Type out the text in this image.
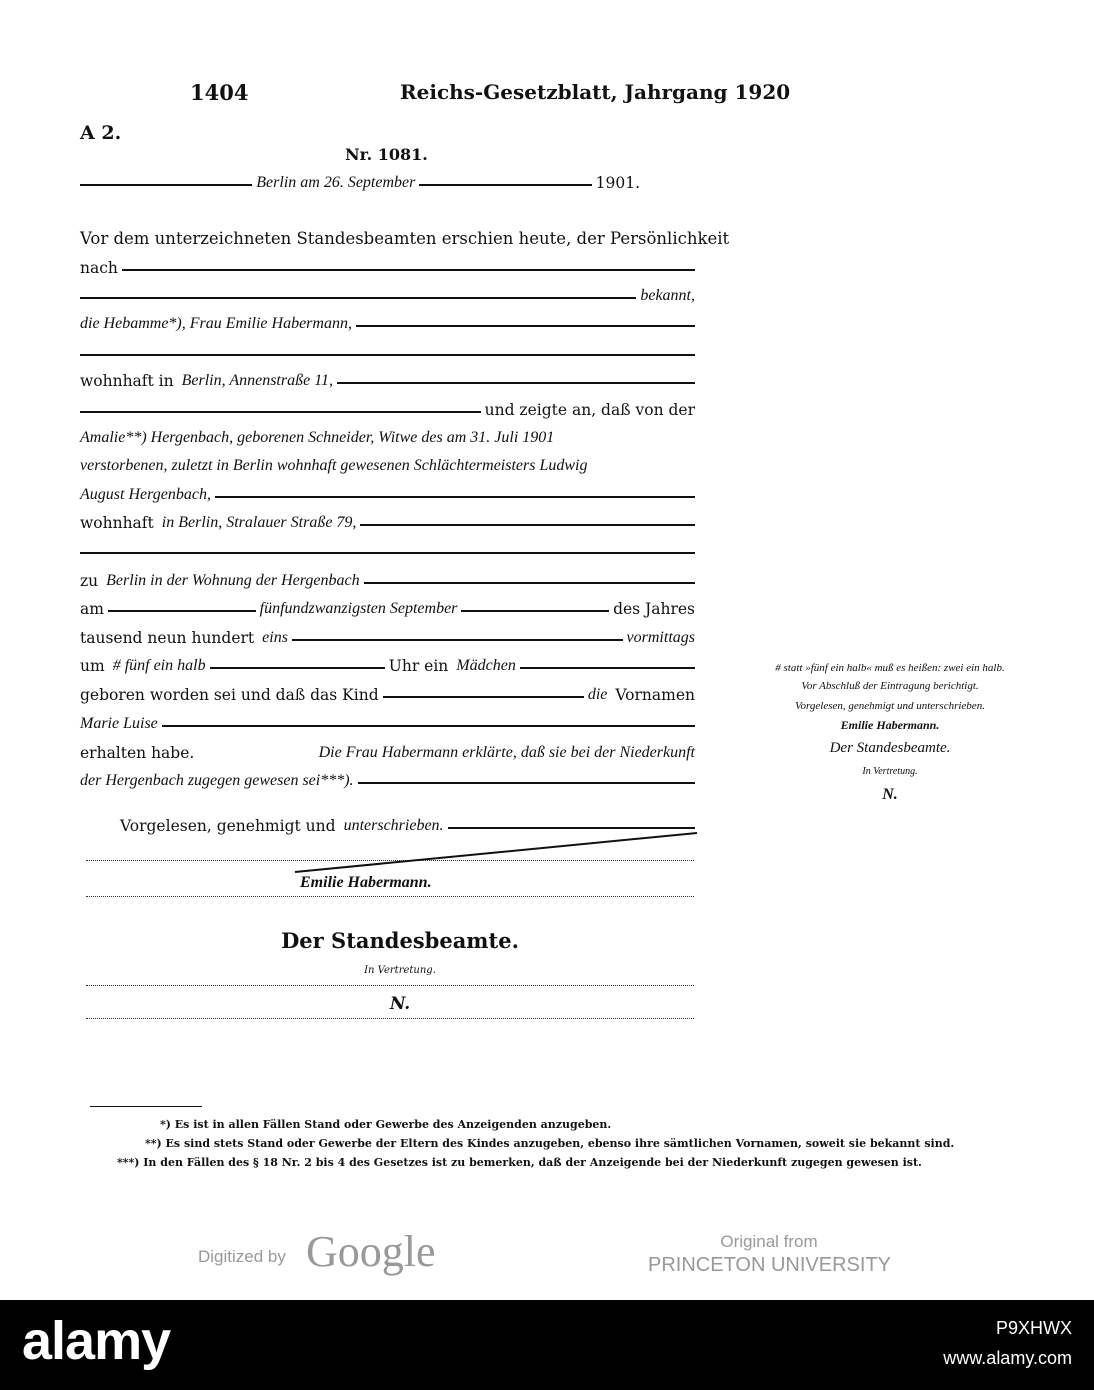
1404	Reichs-Gesetzblatt, Jahrgang 1920
A 2.
Nr. 1081.
Berlin am 26. September	1901.
Vor dem unterzeichneten Standesbeamten erschien heute, der Persönlichkeit
nach
bekannt,
die Hebamme*), Frau Emilie Habermann,
wohnhaft in Berlin, Annenstraße 11,
und zeigte an, daß von der
Amalie**) Hergenbach, geborenen Schneider, Witwe des am 31. Juli 1901
verstorbenen, zuletzt in Berlin wohnhaft gewesenen Schlächtermeisters Ludwig
August Hergenbach,
wohnhaft in Berlin, Stralauer Straße 79,
zu Berlin in der Wohnung der Hergenbach
am	fünfundzwanzigsten September	des Jahres
tausend neun hundert eins	vormittags
um # fünf ein halb	Uhr ein Mädchen
geboren worden sei und daß das Kind	die Vornamen
Marie Luise
erhalten habe.	Die Frau Habermann erklärte, daß sie bei der Niederkunft
der Hergenbach zugegen gewesen sei***).
Vorgelesen, genehmigt und unterschrieben.
Emilie Habermann.
Der Standesbeamte.
In Vertretung.
N.
# statt »fünf ein halb« muß es heißen: zwei ein halb.
Vor Abschluß der Eintragung berichtigt.
Vorgelesen, genehmigt und unterschrieben.
Emilie Habermann.
Der Standesbeamte.
In Vertretung.
N.
*) Es ist in allen Fällen Stand oder Gewerbe des Anzeigenden anzugeben.
**) Es sind stets Stand oder Gewerbe der Eltern des Kindes anzugeben, ebenso ihre sämtlichen Vornamen, soweit sie bekannt sind.
***) In den Fällen des § 18 Nr. 2 bis 4 des Gesetzes ist zu bemerken, daß der Anzeigende bei der Niederkunft zugegen gewesen ist.
Digitized by Google	Original from
PRINCETON UNIVERSITY
alamy	P9XHWX
www.alamy.com
